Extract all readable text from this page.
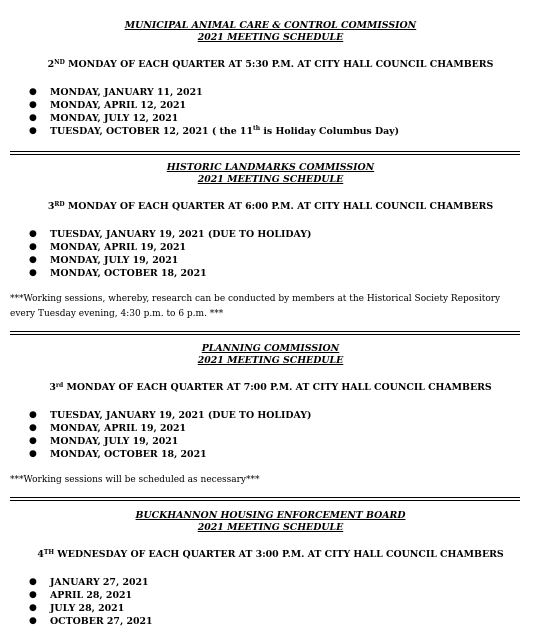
MUNICIPAL ANIMAL CARE & CONTROL COMMISSION
2021 MEETING SCHEDULE
2ND MONDAY OF EACH QUARTER AT 5:30 P.M. AT CITY HALL COUNCIL CHAMBERS
● MONDAY, JANUARY 11, 2021
● MONDAY, APRIL 12, 2021
● MONDAY, JULY 12, 2021
● TUESDAY, OCTOBER 12, 2021 ( the 11th is Holiday Columbus Day)
HISTORIC LANDMARKS COMMISSION
2021 MEETING SCHEDULE
3RD MONDAY OF EACH QUARTER AT 6:00 P.M. AT CITY HALL COUNCIL CHAMBERS
● TUESDAY, JANUARY 19, 2021 (DUE TO HOLIDAY)
● MONDAY, APRIL 19, 2021
● MONDAY, JULY 19, 2021
● MONDAY, OCTOBER 18, 2021

***Working sessions, whereby, research can be conducted by members at the Historical Society Repository
every Tuesday evening, 4:30 p.m. to 6 p.m. ***

PLANNING COMMISSION
2021 MEETING SCHEDULE
3rd MONDAY OF EACH QUARTER AT 7:00 P.M. AT CITY HALL COUNCIL CHAMBERS
● TUESDAY, JANUARY 19, 2021 (DUE TO HOLIDAY)
● MONDAY, APRIL 19, 2021
● MONDAY, JULY 19, 2021
● MONDAY, OCTOBER 18, 2021

***Working sessions will be scheduled as necessary***

BUCKHANNON HOUSING ENFORCEMENT BOARD
2021 MEETING SCHEDULE
4TH WEDNESDAY OF EACH QUARTER AT 3:00 P.M. AT CITY HALL COUNCIL CHAMBERS
● JANUARY 27, 2021
● APRIL 28, 2021
● JULY 28, 2021
● OCTOBER 27, 2021
